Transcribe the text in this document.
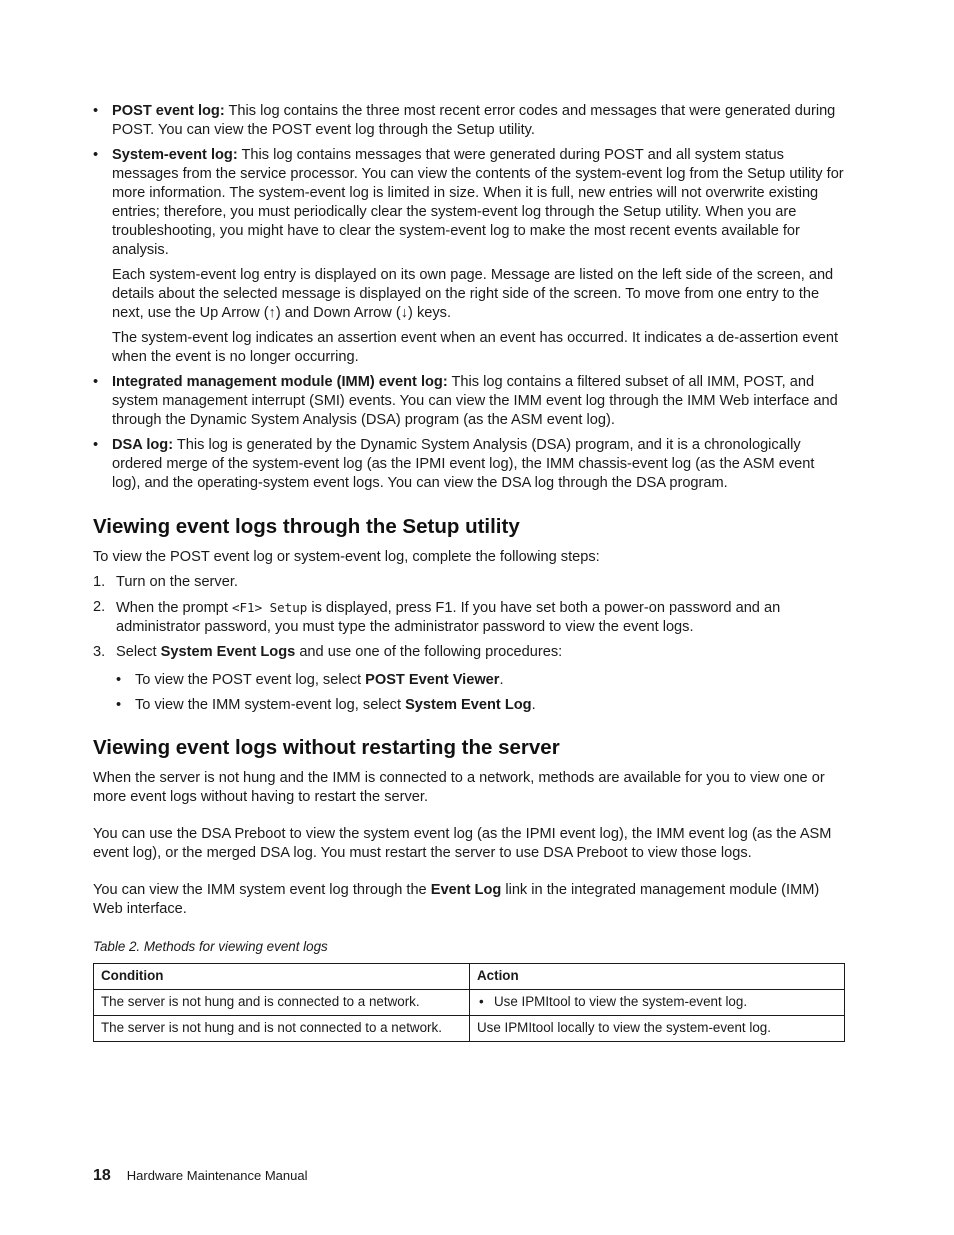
• POST event log: This log contains the three most recent error codes and messages that were generated during POST. You can view the POST event log through the Setup utility.
• System-event log: This log contains messages that were generated during POST and all system status messages from the service processor. You can view the contents of the system-event log from the Setup utility for more information. The system-event log is limited in size. When it is full, new entries will not overwrite existing entries; therefore, you must periodically clear the system-event log through the Setup utility. When you are troubleshooting, you might have to clear the system-event log to make the most recent events available for analysis.

Each system-event log entry is displayed on its own page. Message are listed on the left side of the screen, and details about the selected message is displayed on the right side of the screen. To move from one entry to the next, use the Up Arrow (↑) and Down Arrow (↓) keys.

The system-event log indicates an assertion event when an event has occurred. It indicates a de-assertion event when the event is no longer occurring.

• Integrated management module (IMM) event log: This log contains a filtered subset of all IMM, POST, and system management interrupt (SMI) events. You can view the IMM event log through the IMM Web interface and through the Dynamic System Analysis (DSA) program (as the ASM event log).
• DSA log: This log is generated by the Dynamic System Analysis (DSA) program, and it is a chronologically ordered merge of the system-event log (as the IPMI event log), the IMM chassis-event log (as the ASM event log), and the operating-system event logs. You can view the DSA log through the DSA program.
Viewing event logs through the Setup utility

To view the POST event log or system-event log, complete the following steps:

1. Turn on the server.
2. When the prompt <F1> Setup is displayed, press F1. If you have set both a power-on password and an administrator password, you must type the administrator password to view the event logs.
3. Select System Event Logs and use one of the following procedures:
• To view the POST event log, select POST Event Viewer.
• To view the IMM system-event log, select System Event Log.
Viewing event logs without restarting the server

When the server is not hung and the IMM is connected to a network, methods are available for you to view one or more event logs without having to restart the server.

You can use the DSA Preboot to view the system event log (as the IPMI event log), the IMM event log (as the ASM event log), or the merged DSA log. You must restart the server to use DSA Preboot to view those logs.

You can view the IMM system event log through the Event Log link in the integrated management module (IMM) Web interface.

Table 2. Methods for viewing event logs

Condition	Action
The server is not hung and is connected to a network.	• Use IPMItool to view the system-event log.

The server is not hung and is not connected to a network.	Use IPMItool locally to view the system-event log.
18 Hardware Maintenance Manual
